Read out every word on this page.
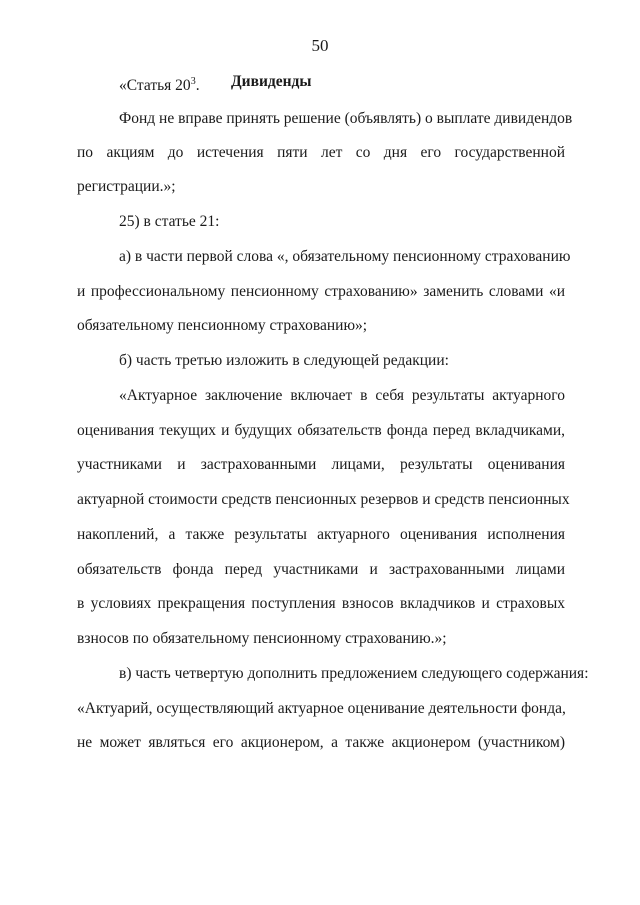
50
«Статья $20^3$. Дивиденды
Фонд не вправе принять решение (объявлять) о выплате дивидендов
по акциям до истечения пяти лет со дня его государственной
регистрации.»;
25) в статье 21:
а) в части первой слова «, обязательному пенсионному страхованию
и профессиональному пенсионному страхованию» заменить словами «и
обязательному пенсионному страхованию»;
б) часть третью изложить в следующей редакции:
«Актуарное заключение включает в себя результаты актуарного
оценивания текущих и будущих обязательств фонда перед вкладчиками,
участниками и застрахованными лицами, результаты оценивания
актуарной стоимости средств пенсионных резервов и средств пенсионных
накоплений, а также результаты актуарного оценивания исполнения
обязательств фонда перед участниками и застрахованными лицами
в условиях прекращения поступления взносов вкладчиков и страховых
взносов по обязательному пенсионному страхованию.»;
в) часть четвертую дополнить предложением следующего содержания:
«Актуарий, осуществляющий актуарное оценивание деятельности фонда,
не может являться его акционером, а также акционером (участником)
